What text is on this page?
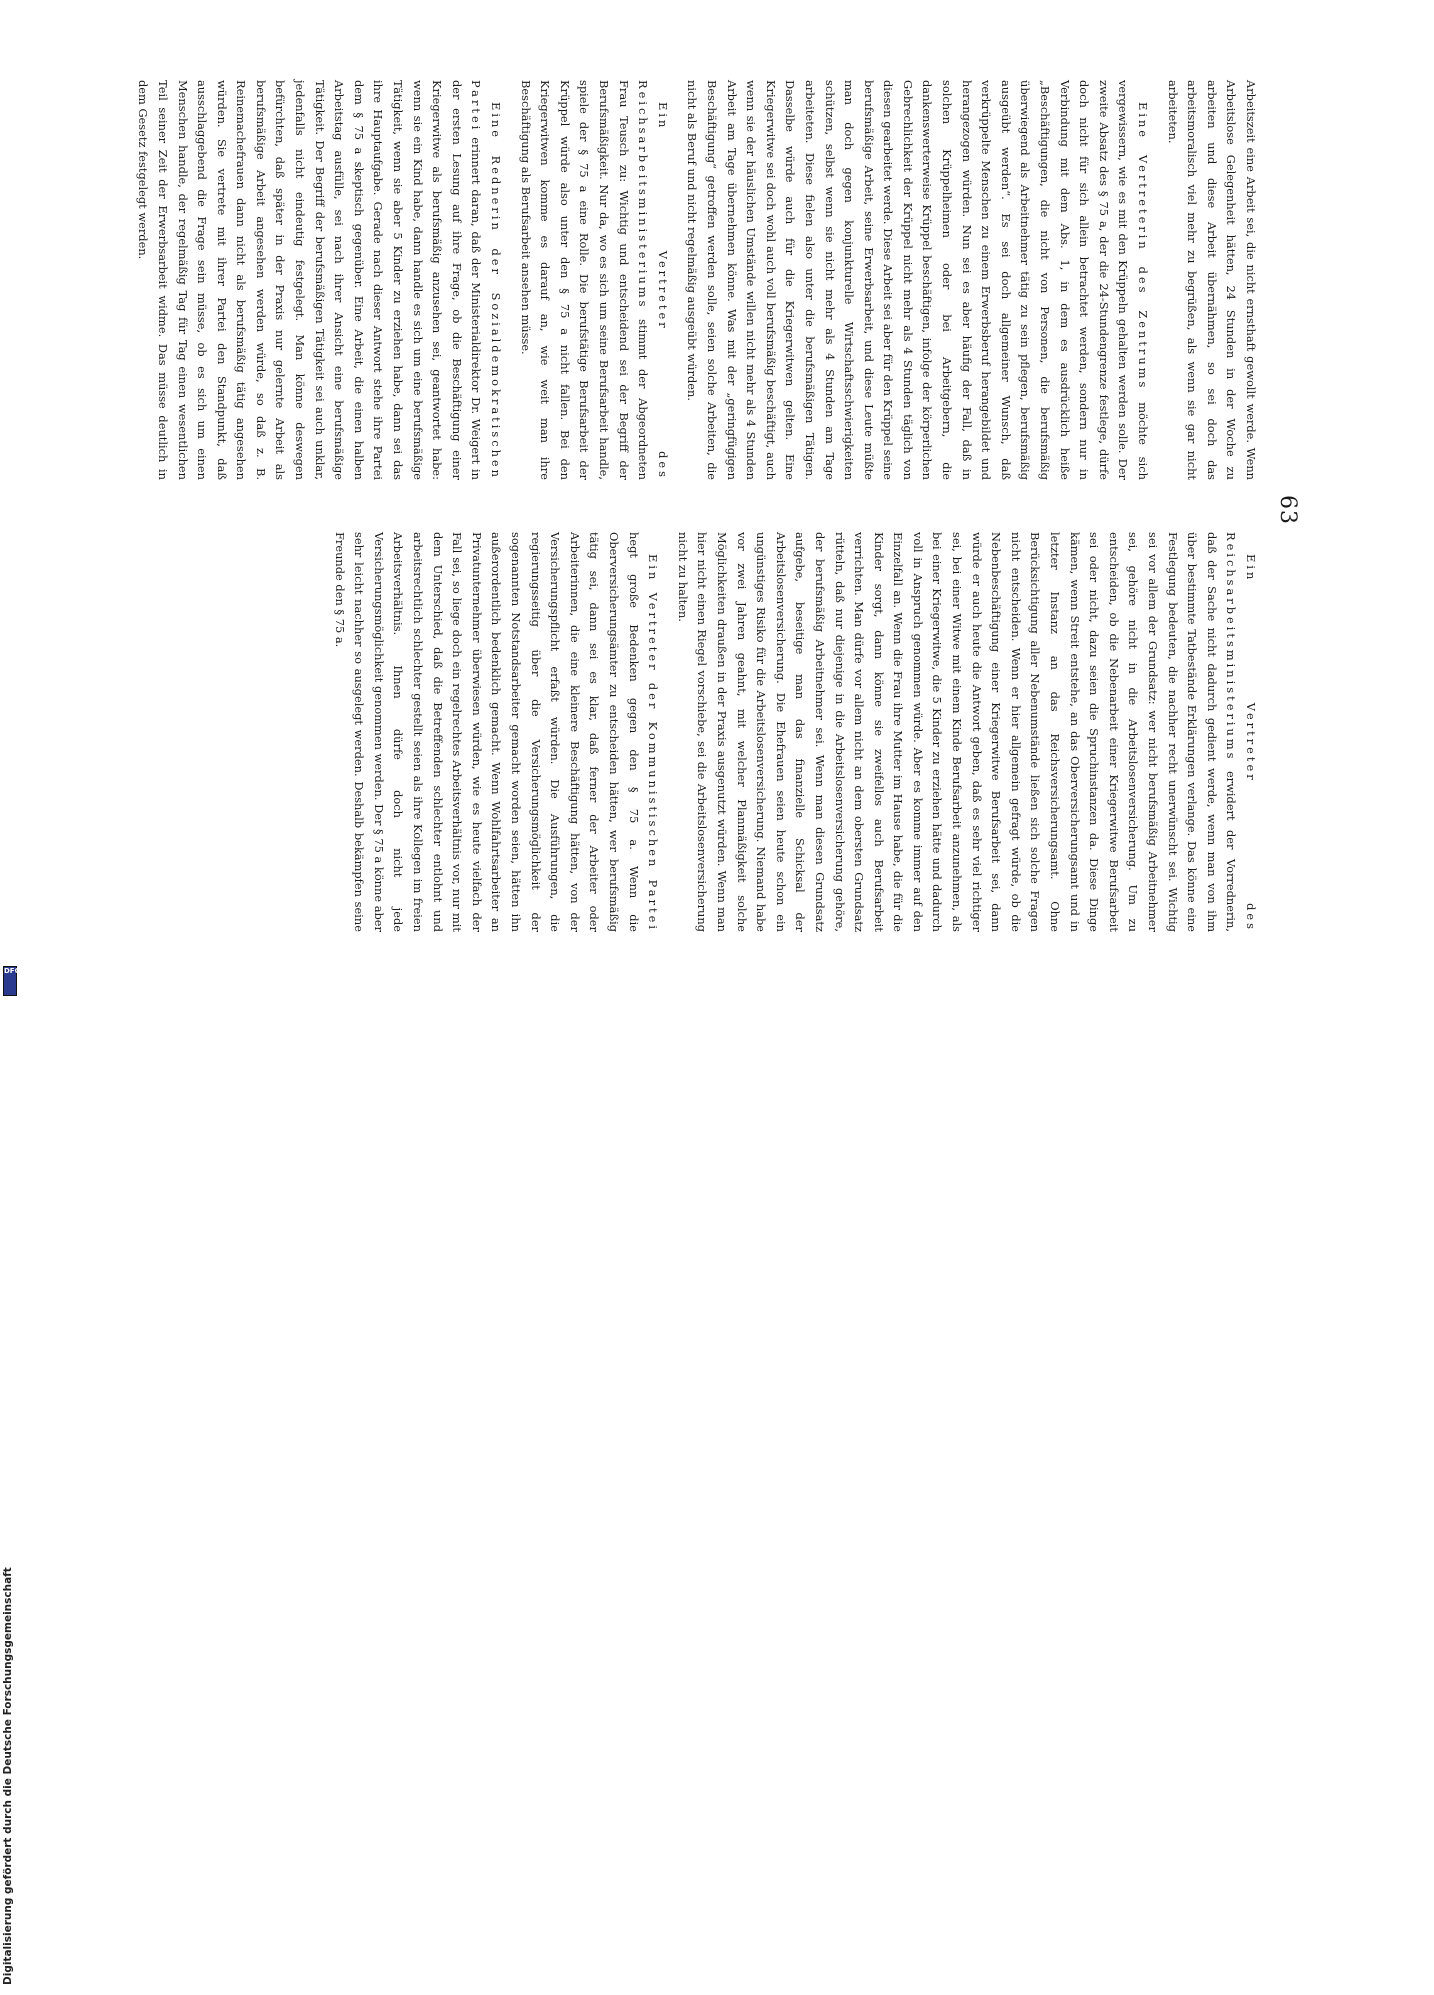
63

Arbeitszeit eine Arbeit sei, die nicht ernsthaft gewollt werde. Wenn Arbeitslose Gelegenheit hätten, 24 Stunden in der Woche zu arbeiten und diese Arbeit übernähmen, so sei doch das arbeitsmoralisch viel mehr zu begrüßen, als wenn sie gar nicht arbeiteten.

Eine Vertreterin des Zentrums möchte sich vergewissern, wie es mit den Krüppeln gehalten werden solle. Der zweite Absatz des § 75 a, der die 24-Stundengrenze festlege, dürfe doch nicht für sich allein betrachtet werden, sondern nur in Verbindung mit dem Abs. 1, in dem es ausdrücklich heiße „Beschäftigungen, die nicht von Personen, die berufsmäßig überwiegend als Arbeitnehmer tätig zu sein pflegen, berufsmäßig ausgeübt werden“. Es sei doch allgemeiner Wunsch, daß verkrüppelte Menschen zu einem Erwerbsberuf herangebildet und herangezogen würden. Nun sei es aber häufig der Fall, daß in solchen Krüppelheimen oder bei Arbeitgebern, die dankenswerterweise Krüppel beschäftigen, infolge der körperlichen Gebrechlichkeit der Krüppel nicht mehr als 4 Stunden täglich von diesen gearbeitet werde. Diese Arbeit sei aber für den Krüppel seine berufsmäßige Arbeit, seine Erwerbsarbeit, und diese Leute müßte man doch gegen konjunkturelle Wirtschaftsschwierigkeiten schützen, selbst wenn sie nicht mehr als 4 Stunden am Tage arbeiteten. Diese fielen also unter die berufsmäßigen Tätigen. Dasselbe würde auch für die Kriegerwitwen gelten. Eine Kriegerwitwe sei doch wohl auch voll berufsmäßig beschäftigt, auch wenn sie der häuslichen Umstände willen nicht mehr als 4 Stunden Arbeit am Tage übernehmen könne. Was mit der „geringfügigen Beschäftigung“ getroffen werden solle, seien solche Arbeiten, die nicht als Beruf und nicht regelmäßig ausgeübt würden.

Ein Vertreter des Reichsarbeitsministeriums stimmt der Abgeordneten Frau Teusch zu: Wichtig und entscheidend sei der Begriff der Berufsmäßigkeit. Nur da, wo es sich um seine Berufsarbeit handle, spiele der § 75 a eine Rolle. Die berufstätige Berufsarbeit der Krüppel würde also unter den § 75 a nicht fallen. Bei den Kriegerwitwen komme es darauf an, wie weit man ihre Beschäftigung als Berufsarbeit ansehen müsse.

Eine Rednerin der Sozialdemokratischen Partei erinnert daran, daß der Ministerialdirektor Dr. Weigert in der ersten Lesung auf ihre Frage, ob die Beschäftigung einer Kriegerwitwe als berufsmäßig anzusehen sei, geantwortet habe: wenn sie ein Kind habe, dann handle es sich um eine berufsmäßige Tätigkeit, wenn sie aber 5 Kinder zu erziehen habe, dann sei das ihre Hauptaufgabe. Gerade nach dieser Antwort stehe ihre Partei dem § 75 a skeptisch gegenüber. Eine Arbeit, die einen halben Arbeitstag ausfülle, sei nach ihrer Ansicht eine berufsmäßige Tätigkeit. Der Begriff der berufsmäßigen Tätigkeit sei auch unklar, jedenfalls nicht eindeutig festgelegt. Man könne deswegen befürchten, daß später in der Praxis nur gelernte Arbeit als berufsmäßige Arbeit angesehen werden würde, so daß z. B. Reinemachefrauen dann nicht als berufsmäßig tätig angesehen würden. Sie vertrete mit ihrer Partei den Standpunkt, daß ausschlaggebend die Frage sein müsse, ob es sich um einen Menschen handle, der regelmäßig Tag für Tag einen wesentlichen Teil seiner Zeit der Erwerbsarbeit widme. Das müsse deutlich in dem Gesetz festgelegt werden.

Ein Vertreter des Reichsarbeitsministeriums erwidert der Vorrednerin, daß der Sache nicht dadurch gedient werde, wenn man von ihm über bestimmte Tatbestände Erklärungen verlange. Das könne eine Festlegung bedeuten, die nachher recht unerwünscht sei. Wichtig sei vor allem der Grundsatz: wer nicht berufsmäßig Arbeitnehmer sei, gehöre nicht in die Arbeitslosenversicherung. Um zu entscheiden, ob die Nebenarbeit einer Kriegerwitwe Berufsarbeit sei oder nicht, dazu seien die Spruchinstanzen da. Diese Dinge kämen, wenn Streit entstehe, an das Oberversicherungsamt und in letzter Instanz an das Reichsversicherungsamt. Ohne Berücksichtigung aller Nebenumstände ließen sich solche Fragen nicht entscheiden. Wenn er hier allgemein gefragt würde, ob die Nebenbeschäftigung einer Kriegerwitwe Berufsarbeit sei, dann würde er auch heute die Antwort geben, daß es sehr viel richtiger sei, bei einer Witwe mit einem Kinde Berufsarbeit anzunehmen, als bei einer Kriegerwitwe, die 5 Kinder zu erziehen hätte und dadurch voll in Anspruch genommen würde. Aber es komme immer auf den Einzelfall an. Wenn die Frau ihre Mutter im Hause habe, die für die Kinder sorgt, dann könne sie zweifellos auch Berufsarbeit verrichten. Man dürfe vor allem nicht an dem obersten Grundsatz rütteln, daß nur diejenige in die Arbeitslosenversicherung gehöre, der berufsmäßig Arbeitnehmer sei. Wenn man diesen Grundsatz aufgebe, beseitige man das finanzielle Schicksal der Arbeitslosenversicherung. Die Ehefrauen seien heute schon ein ungünstiges Risiko für die Arbeitslosenversicherung. Niemand habe vor zwei Jahren geahnt, mit welcher Planmäßigkeit solche Möglichkeiten draußen in der Praxis ausgenutzt würden. Wenn man hier nicht einen Riegel vorschiebe, sei die Arbeitslosenversicherung nicht zu halten.

Ein Vertreter der Kommunistischen Partei hegt große Bedenken gegen den § 75 a. Wenn die Oberversicherungsämter zu entscheiden hätten, wer berufsmäßig tätig sei, dann sei es klar, daß ferner der Arbeiter oder Arbeiterinnen, die eine kleinere Beschäftigung hätten, von der Versicherungspflicht erfaßt würden. Die Ausführungen, die regierungsseitig über die Versicherungsmöglichkeit der sogenannten Notstandsarbeiter gemacht worden seien, hätten ihn außerordentlich bedenklich gemacht. Wenn Wohlfahrtsarbeiter an Privatunternehmer überwiesen würden, wie es heute vielfach der Fall sei, so liege doch ein regelrechtes Arbeitsverhältnis vor, nur mit dem Unterschied, daß die Betreffenden schlechter entlohnt und arbeitsrechtlich schlechter gestellt seien als ihre Kollegen im freien Arbeitsverhältnis. Ihnen dürfe doch nicht jede Versicherungsmöglichkeit genommen werden. Der § 75 a könne aber sehr leicht nachher so ausgelegt werden. Deshalb bekämpfen seine Freunde den § 75 a.

DFG
Digitalisierung gefördert durch die Deutsche Forschungsgemeinschaft
